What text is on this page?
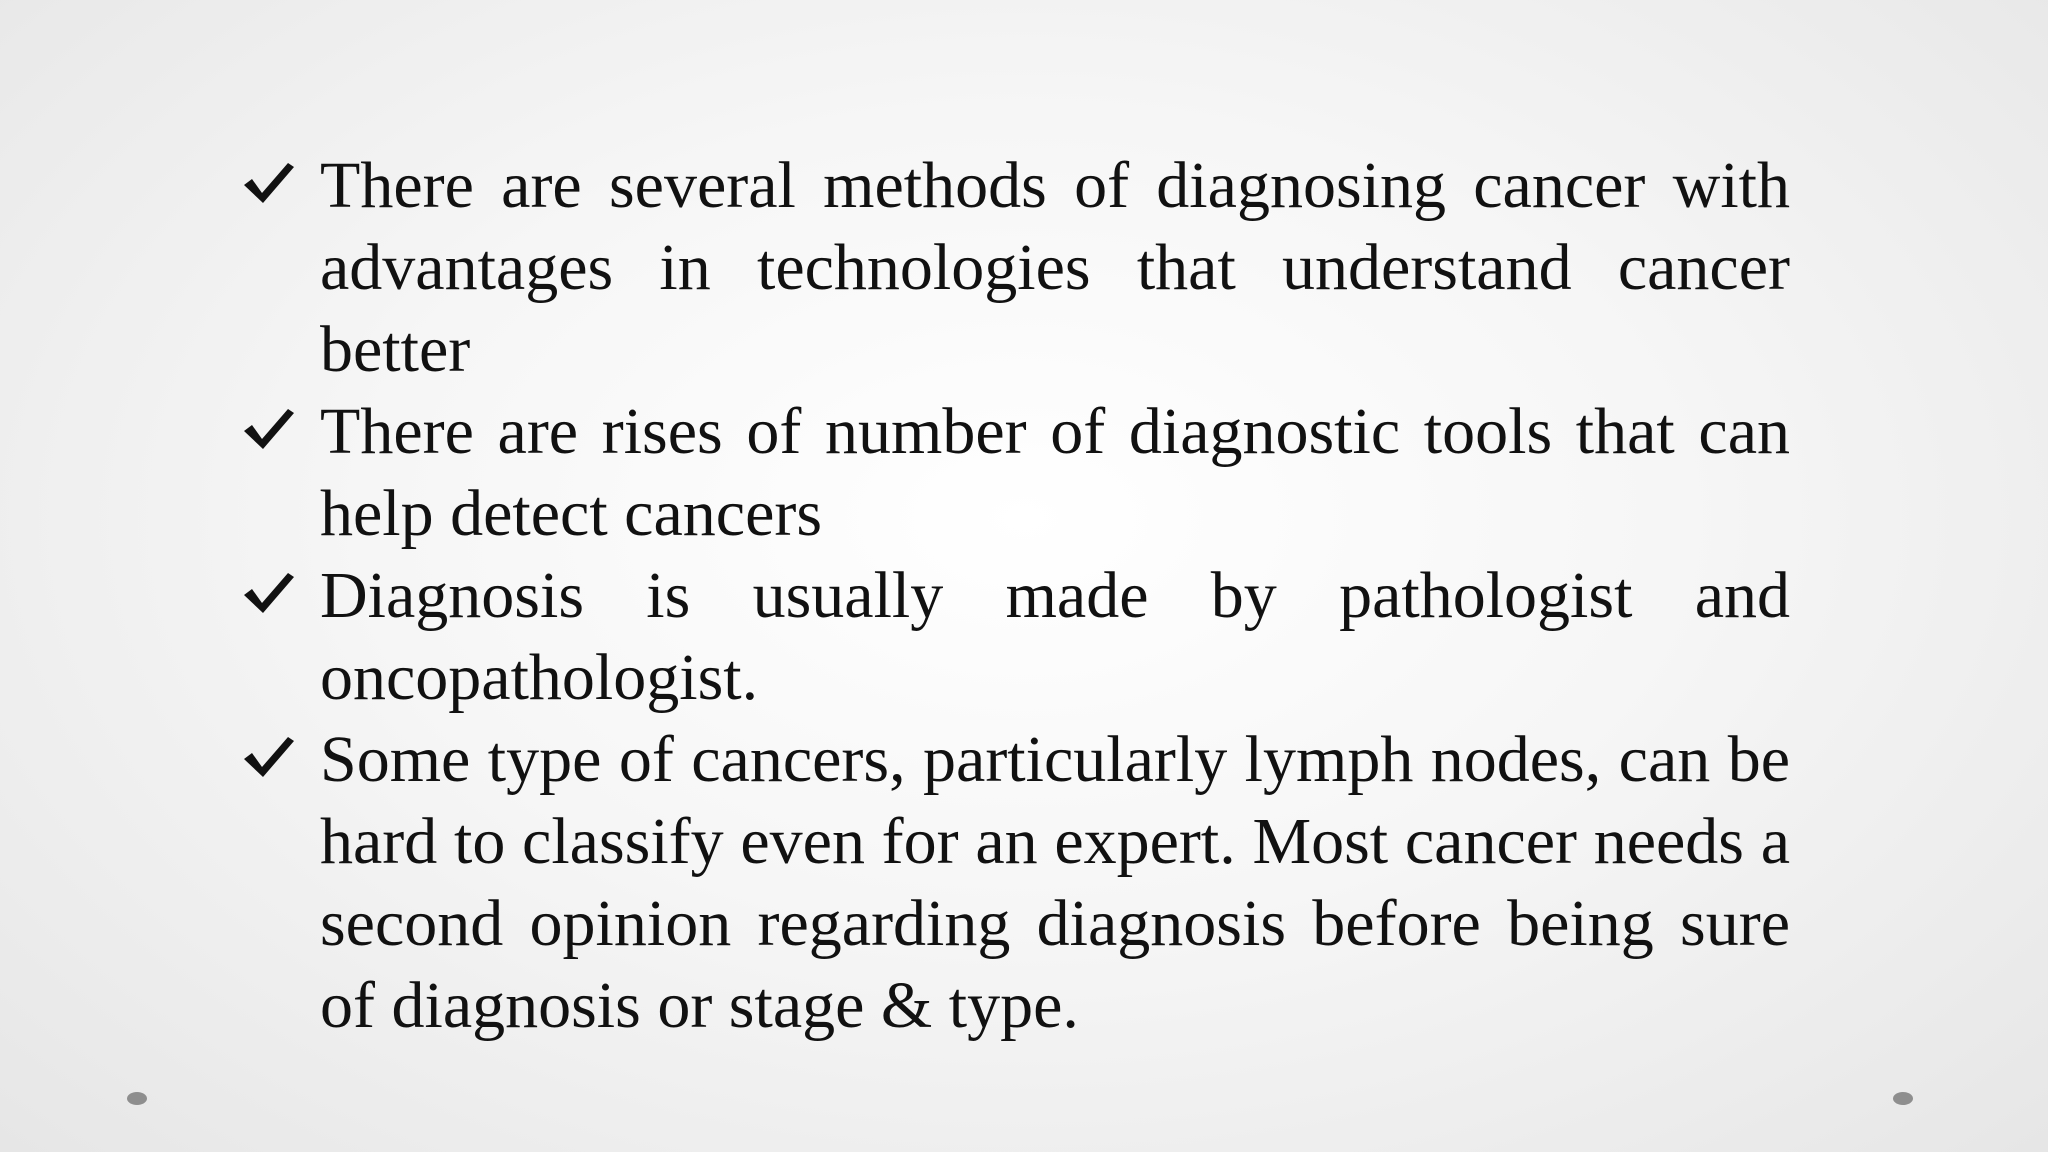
There are several methods of diagnosing cancer with advantages in technologies that understand cancer better
There are rises of number of diagnostic tools that can help detect cancers
Diagnosis is usually made by pathologist and oncopathologist.
Some type of cancers, particularly lymph nodes, can be hard to classify even for an expert. Most cancer needs a second opinion regarding diagnosis before being sure of diagnosis or stage & type.
